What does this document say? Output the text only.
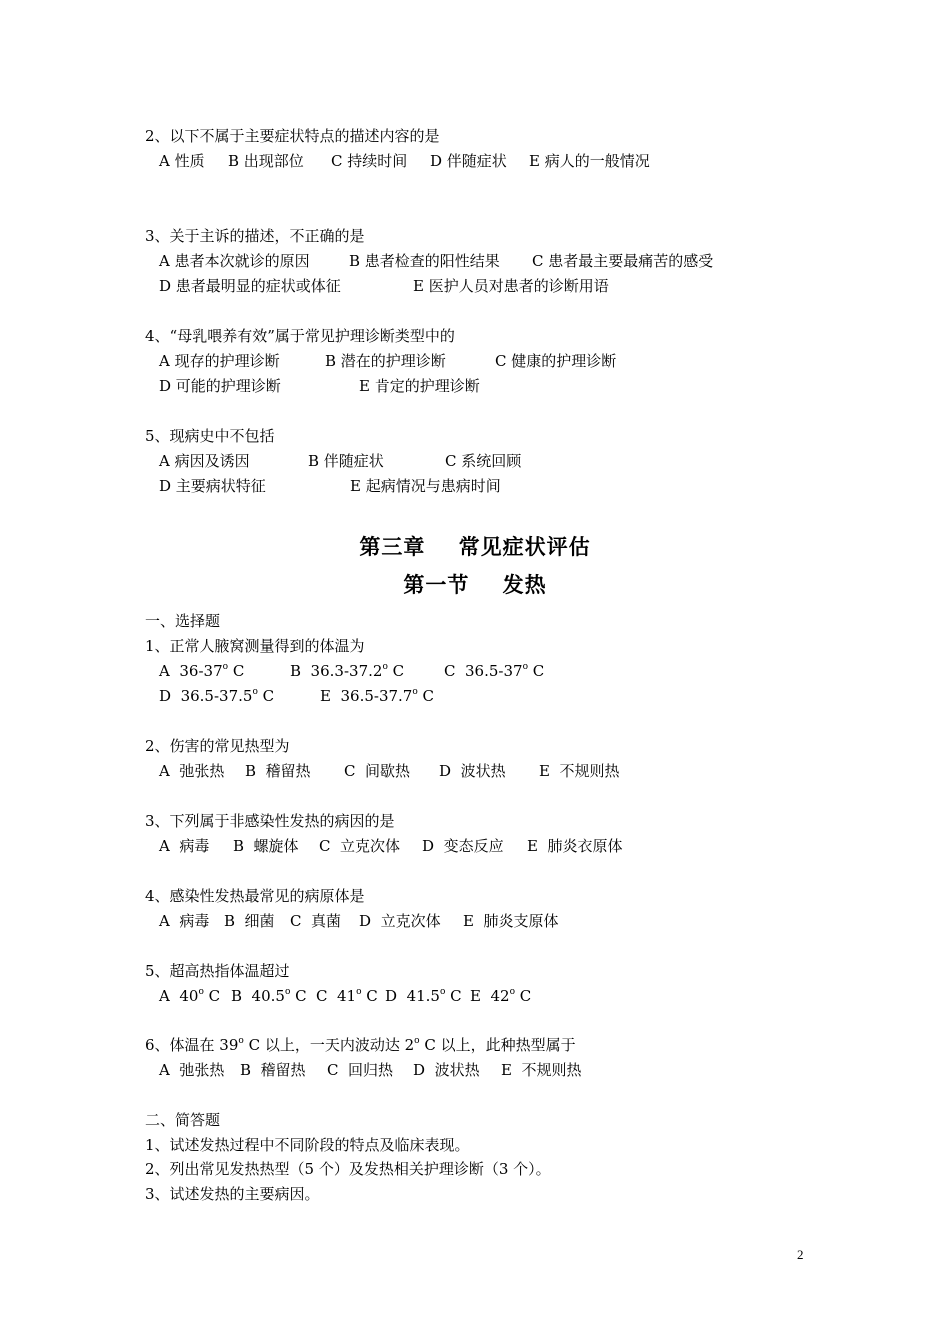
2、以下不属于主要症状特点的描述内容的是
A 性质 B 出现部位 C 持续时间 D 伴随症状 E 病人的一般情况
3、关于主诉的描述，不正确的是
A 患者本次就诊的原因	B 患者检查的阳性结果 C 患者最主要最痛苦的感受
D 患者最明显的症状或体征	E 医护人员对患者的诊断用语
4、“母乳喂养有效”属于常见护理诊断类型中的
A 现存的护理诊断	B 潜在的护理诊断	C 健康的护理诊断
D 可能的护理诊断	E 肯定的护理诊断
5、现病史中不包括
A 病因及诱因	B 伴随症状	C 系统回顾
D 主要病状特征	E 起病情况与患病时间
第三章    常见症状评估
第一节    发热
一、选择题
1、正常人腋窝测量得到的体温为
A  36-37$^o$ C	B  36.3-37.2$^o$ C	C  36.5-37$^o$ C
D  36.5-37.5$^o$ C	E  36.5-37.7$^o$ C
2、伤害的常见热型为
A  弛张热 B  稽留热 C  间歇热 D  波状热 E  不规则热
3、下列属于非感染性发热的病因的是
A  病毒 B  螺旋体 C  立克次体 D  变态反应 E  肺炎衣原体
4、感染性发热最常见的病原体是
A  病毒 B  细菌 C  真菌 D  立克次体 E  肺炎支原体
5、超高热指体温超过
A  40$^o$ C B  40.5$^o$ C C  41$^o$ C D  41.5$^o$ C E  42$^o$ C
6、体温在 39$^o$ C 以上，一天内波动达 2$^o$ C 以上，此种热型属于
A  弛张热 B  稽留热 C  回归热 D  波状热 E  不规则热
二、简答题
1、试述发热过程中不同阶段的特点及临床表现。
2、列出常见发热热型（5 个）及发热相关护理诊断（3 个）。
3、试述发热的主要病因。
2
